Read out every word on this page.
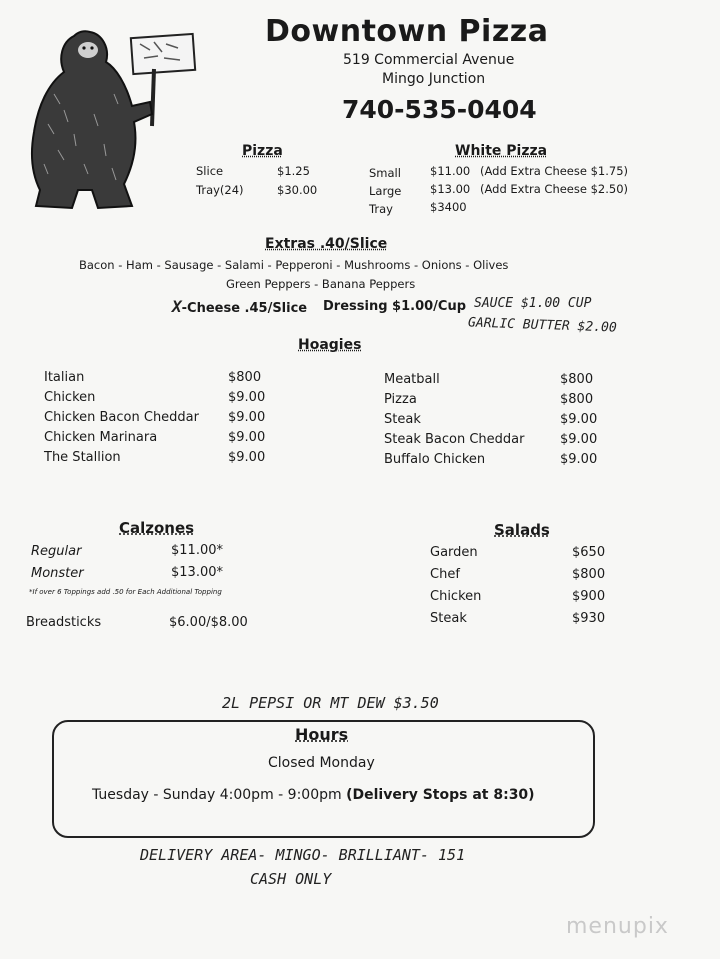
Downtown Pizza
519 Commercial Avenue
Mingo Junction
740-535-0404
Pizza
Slice	$1.25
Tray(24)	$30.00
White Pizza
Small	$11.00 (Add Extra Cheese $1.75)
Large $13.00 (Add Extra Cheese $2.50)
Tray	$3400
Extras .40/Slice
Bacon - Ham - Sausage - Salami - Pepperoni - Mushrooms - Onions - Olives
Green Peppers - Banana Peppers
X-Cheese .45/Slice Dressing $1.00/Cup SAUCE $1.00 CUP
GARLIC BUTTER $2.00
Hoagies
Italian	$800
Chicken	$9.00
Chicken Bacon Cheddar $9.00
Chicken Marinara	$9.00
The Stallion	$9.00
Meatball	$800
Pizza	$800
Steak	$9.00
Steak Bacon Cheddar	$9.00
Buffalo Chicken	$9.00
Calzones
Regular	$11.00*
Monster	$13.00*
*If over 6 Toppings add .50 for Each Additional Topping
Breadsticks	$6.00/$8.00
Salads
Garden	$650
Chef	$800
Chicken	$900
Steak	$930
2L PEPSI OR MT DEW $3.50
Hours
Closed Monday
Tuesday - Sunday 4:00pm - 9:00pm (Delivery Stops at 8:30)
DELIVERY AREA- MINGO- BRILLIANT- 151
CASH ONLY
menupix
